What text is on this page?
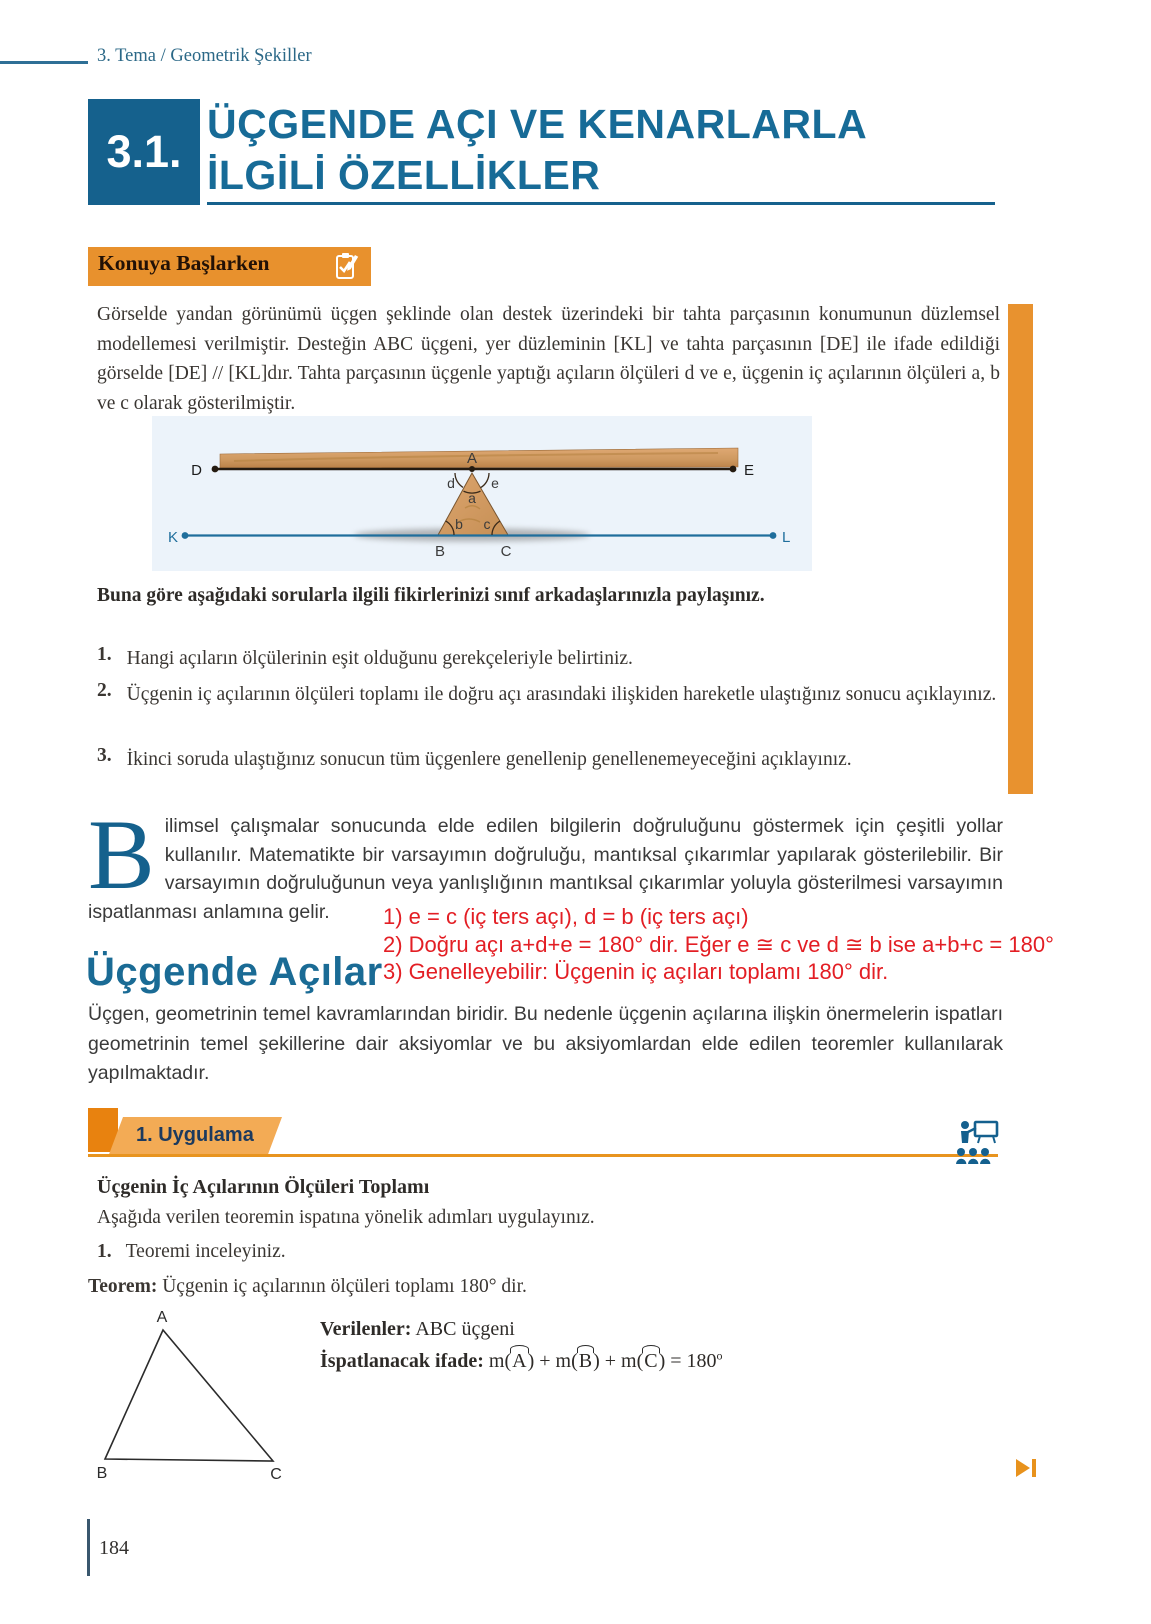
3. Tema / Geometrik Şekiller
3.1.
ÜÇGENDE AÇI VE KENARLARLA
İLGİLİ ÖZELLİKLER
Konuya Başlarken
Görselde yandan görünümü üçgen şeklinde olan destek üzerindeki bir tahta parçasının konumunun düzlemsel modellemesi verilmiştir. Desteğin ABC üçgeni, yer düzleminin [KL] ve tahta parçasının [DE] ile ifade edildiği görselde [DE] // [KL]dır. Tahta parçasının üçgenle yaptığı açıların ölçüleri d ve e, üçgenin iç açılarının ölçüleri a, b ve c olarak gösterilmiştir.
D	E
K	L
A
B	C
d	e
a
b c
Buna göre aşağıdaki sorularla ilgili fikirlerinizi sınıf arkadaşlarınızla paylaşınız.
1. Hangi açıların ölçülerinin eşit olduğunu gerekçeleriyle belirtiniz.
2. Üçgenin iç açılarının ölçüleri toplamı ile doğru açı arasındaki ilişkiden hareketle ulaştığınız sonucu açıklayınız.
3. İkinci soruda ulaştığınız sonucun tüm üçgenlere genellenip genellenemeyeceğini açıklayınız.
Bilimsel çalışmalar sonucunda elde edilen bilgilerin doğruluğunu göstermek için çeşitli yollar kullanılır. Matematikte bir varsayımın doğruluğu, mantıksal çıkarımlar yapılarak gösterilebilir. Bir varsayımın doğruluğunun veya yanlışlığının mantıksal çıkarımlar yoluyla gösterilmesi varsayımın ispatlanması anlamına gelir.	1) e = c (iç ters açı), d = b (iç ters açı)
2) Doğru açı a+d+e = 180° dir. Eğer e ≅ c ve d ≅ b ise a+b+c = 180°
3) Genelleyebilir: Üçgenin iç açıları toplamı 180° dir.
Üçgende Açılar
Üçgen, geometrinin temel kavramlarından biridir. Bu nedenle üçgenin açılarına ilişkin önermelerin ispatları geometrinin temel şekillerine dair aksiyomlar ve bu aksiyomlardan elde edilen teoremler kullanılarak yapılmaktadır.
1. Uygulama
Üçgenin İç Açılarının Ölçüleri Toplamı
Aşağıda verilen teoremin ispatına yönelik adımları uygulayınız.
1. Teoremi inceleyiniz.
Teorem: Üçgenin iç açılarının ölçüleri toplamı 180° dir.
A
B	C
Verilenler: ABC üçgeni
İspatlanacak ifade: $m(A) + m(B) + m(C) = 180^o$
184
